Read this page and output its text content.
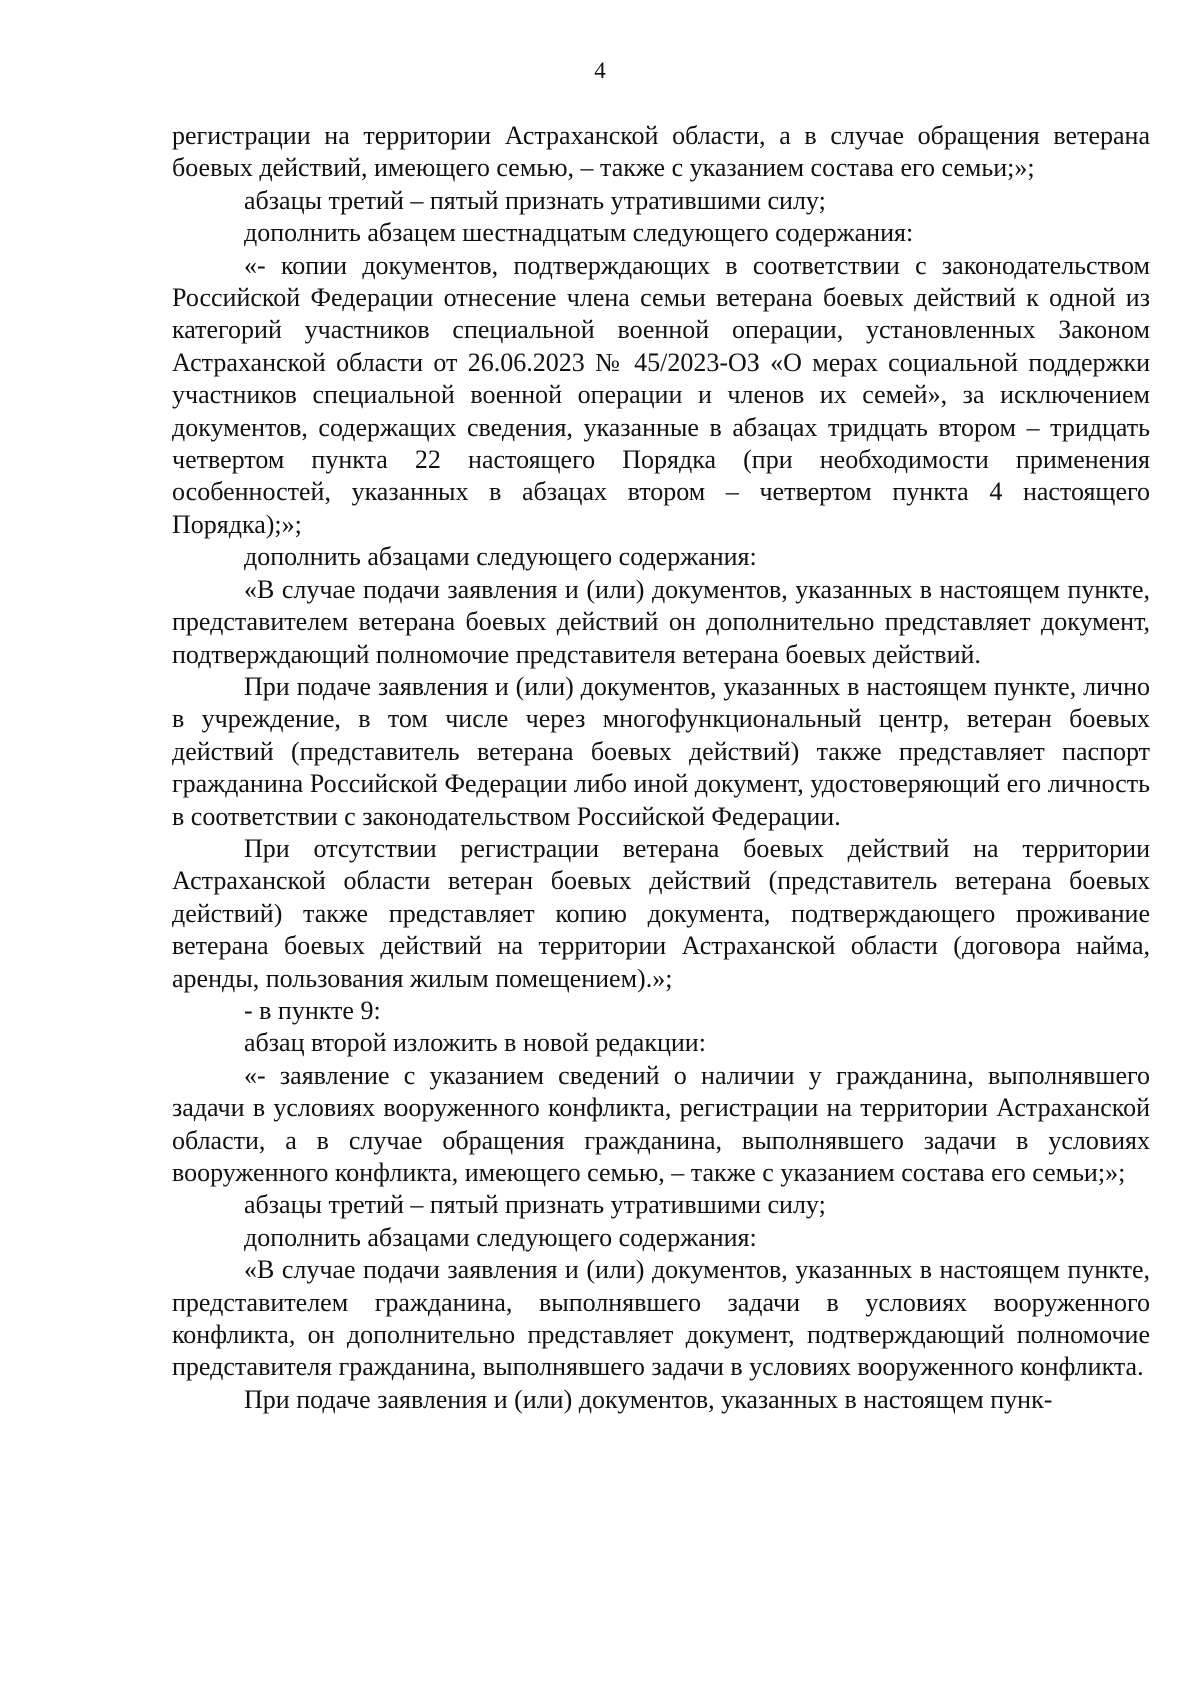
4

регистрации на территории Астраханской области, а в случае обращения ветерана боевых действий, имеющего семью, – также с указанием состава его семьи;»;

абзацы третий – пятый признать утратившими силу;

дополнить абзацем шестнадцатым следующего содержания:

«- копии документов, подтверждающих в соответствии с законодательством Российской Федерации отнесение члена семьи ветерана боевых действий к одной из категорий участников специальной военной операции, установленных Законом Астраханской области от 26.06.2023 № 45/2023-ОЗ «О мерах социальной поддержки участников специальной военной операции и членов их семей», за исключением документов, содержащих сведения, указанные в абзацах тридцать втором – тридцать четвертом пункта 22 настоящего Порядка (при необходимости применения особенностей, указанных в абзацах втором – четвертом пункта 4 настоящего Порядка);»;

дополнить абзацами следующего содержания:

«В случае подачи заявления и (или) документов, указанных в настоящем пункте, представителем ветерана боевых действий он дополнительно представляет документ, подтверждающий полномочие представителя ветерана боевых действий.

При подаче заявления и (или) документов, указанных в настоящем пункте, лично в учреждение, в том числе через многофункциональный центр, ветеран боевых действий (представитель ветерана боевых действий) также представляет паспорт гражданина Российской Федерации либо иной документ, удостоверяющий его личность в соответствии с законодательством Российской Федерации.

При отсутствии регистрации ветерана боевых действий на территории Астраханской области ветеран боевых действий (представитель ветерана боевых действий) также представляет копию документа, подтверждающего проживание ветерана боевых действий на территории Астраханской области (договора найма, аренды, пользования жилым помещением).»;

- в пункте 9:

абзац второй изложить в новой редакции:

«- заявление с указанием сведений о наличии у гражданина, выполнявшего задачи в условиях вооруженного конфликта, регистрации на территории Астраханской области, а в случае обращения гражданина, выполнявшего задачи в условиях вооруженного конфликта, имеющего семью, – также с указанием состава его семьи;»;

абзацы третий – пятый признать утратившими силу;

дополнить абзацами следующего содержания:

«В случае подачи заявления и (или) документов, указанных в настоящем пункте, представителем гражданина, выполнявшего задачи в условиях вооруженного конфликта, он дополнительно представляет документ, подтверждающий полномочие представителя гражданина, выполнявшего задачи в условиях вооруженного конфликта.

При подаче заявления и (или) документов, указанных в настоящем пунк-
